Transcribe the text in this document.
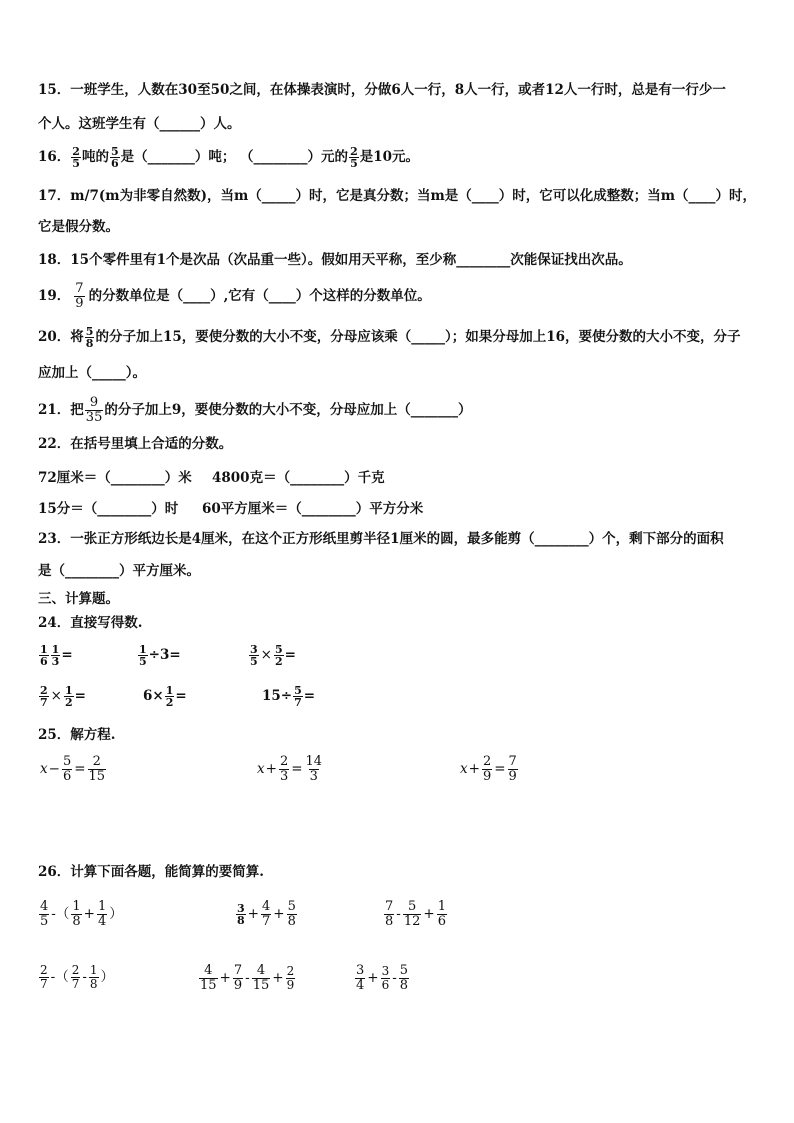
15．一班学生，人数在30至50之间，在体操表演时，分做6人一行，8人一行，或者12人一行时，总是有一行少一
个人。这班学生有（______）人。
16． $\frac{2}{5}$ 吨的 $\frac{5}{6}$ 是（_______）吨； （________）元的 $\frac{2}{5}$ 是10元。
17．m/7(m为非零自然数)，当m（_____）时，它是真分数；当m是（____）时，它可以化成整数；当m（____）时，
它是假分数。
18．15个零件里有1个是次品（次品重一些）。假如用天平称，至少称________次能保证找出次品。
19． $\frac{7}{9}$ 的分数单位是（____）,它有（____）个这样的分数单位。
20．将 $\frac{5}{8}$ 的分子加上15，要使分数的大小不变，分母应该乘（_____）；如果分母加上16，要使分数的大小不变，分子
应加上（_____）。
21．把 $\frac{9}{35}$ 的分子加上9，要使分数的大小不变，分母应加上（_______）
22．在括号里填上合适的分数。
72厘米＝（________）米 4800克＝（________）千克
15分＝（________）时 60平方厘米＝（________）平方分米
23．一张正方形纸边长是4厘米，在这个正方形纸里剪半径1厘米的圆，最多能剪（________）个，剩下部分的面积
是（________）平方厘米。
三、计算题。
24．直接写得数.
$\frac{1}{6} \frac{1}{3}$ =	$\frac{1}{5} \div 3=$	$\frac{3}{5} \times \frac{5}{2}$ =
$\frac{2}{7} \times \frac{1}{2}$ =	$6\times \frac{1}{2}$ =	$15\div \frac{5}{7}$ =
25．解方程.
$x- \frac{5}{6} = \frac{2}{15}$	$x+ \frac{2}{3} = \frac{14}{3}$	$x+ \frac{2}{9} = \frac{7}{9}$
26．计算下面各题，能简算的要简算.
$\frac{4}{5}$ -（ $\frac{1}{8} + \frac{1}{4}$ ）	$\frac{3}{8} + \frac{4}{7} + \frac{5}{8}$	$\frac{7}{8} - \frac{5}{12} + \frac{1}{6}$
$\frac{2}{7}$ -（ $\frac{2}{7} - \frac{1}{8}$ ）	$\frac{4}{15} + \frac{7}{9} - \frac{4}{15} + \frac{2}{9}$	$\frac{3}{4} + \frac{3}{6} - \frac{5}{8}$
